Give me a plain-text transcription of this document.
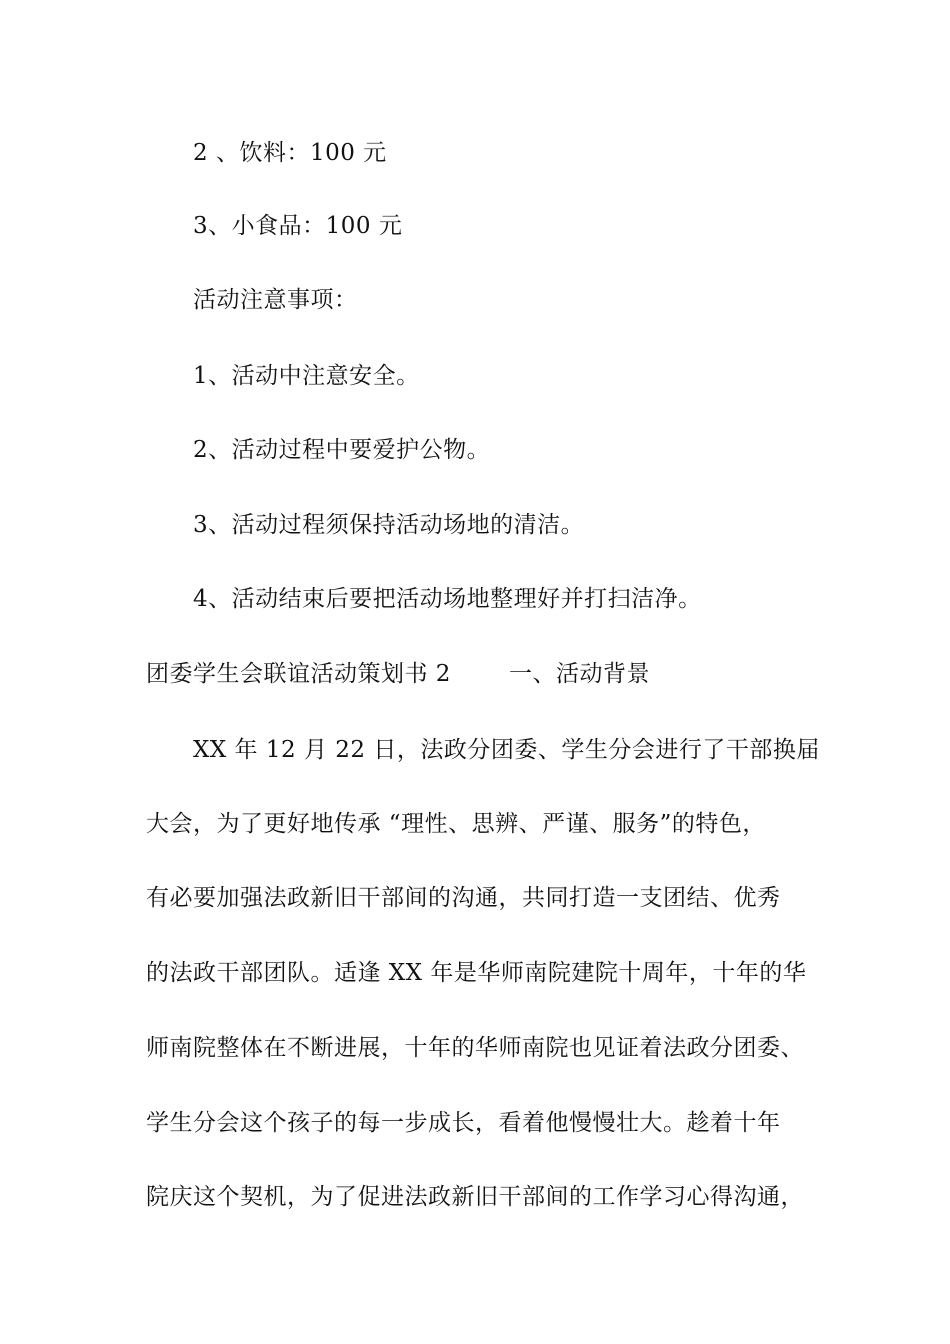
2 、饮料：100 元
3、小食品：100 元
活动注意事项：
1、活动中注意安全。
2、活动过程中要爱护公物。
3、活动过程须保持活动场地的清洁。
4、活动结束后要把活动场地整理好并打扫洁净。
团委学生会联谊活动策划书 2	一、活动背景
XX 年 12 月 22 日，法政分团委、学生分会进行了干部换届
大会，为了更好地传承 “理性、思辨、严谨、服务”的特色，
有必要加强法政新旧干部间的沟通，共同打造一支团结、优秀
的法政干部团队。适逢 XX 年是华师南院建院十周年，十年的华
师南院整体在不断进展，十年的华师南院也见证着法政分团委、
学生分会这个孩子的每一步成长，看着他慢慢壮大。趁着十年
院庆这个契机，为了促进法政新旧干部间的工作学习心得沟通，
